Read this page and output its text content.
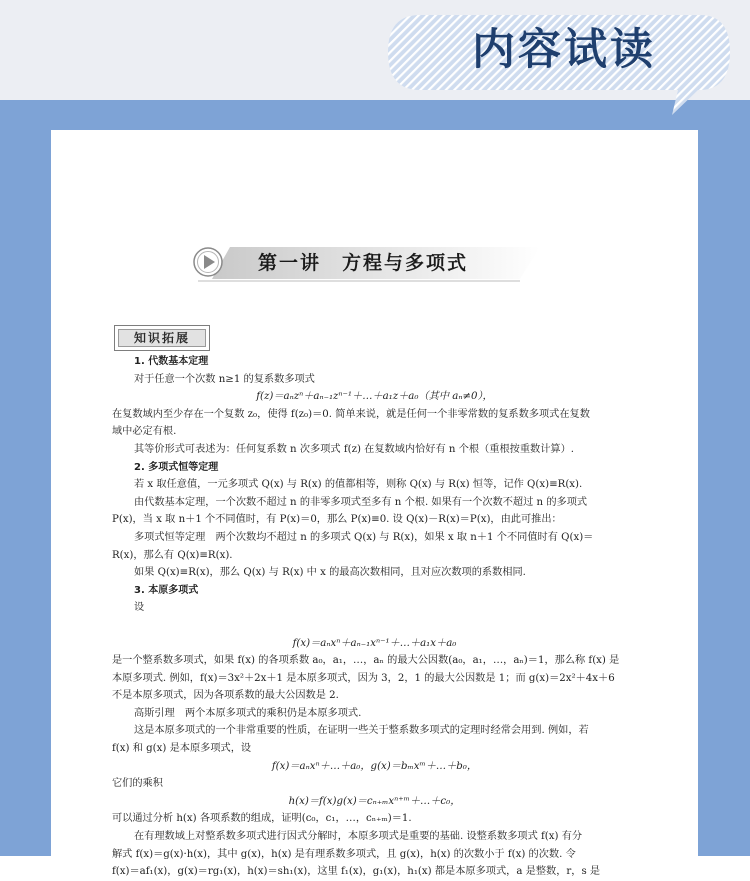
内容试读
第一讲　方程与多项式
知识拓展

1. 代数基本定理

对于任意一个次数 n≥1 的复系数多项式

f(z)＝aₙzⁿ＋aₙ₋₁zⁿ⁻¹＋…＋a₁z＋a₀（其中 aₙ≠0），

在复数域内至少存在一个复数 z₀，使得 f(z₀)＝0. 简单来说，就是任何一个非零常数的复系数多项式在复数

域中必定有根.

其等价形式可表述为：任何复系数 n 次多项式 f(z) 在复数域内恰好有 n 个根（重根按重数计算）.

2. 多项式恒等定理

若 x 取任意值，一元多项式 Q(x) 与 R(x) 的值都相等，则称 Q(x) 与 R(x) 恒等，记作 Q(x)≡R(x).

由代数基本定理，一个次数不超过 n 的非零多项式至多有 n 个根. 如果有一个次数不超过 n 的多项式

P(x)，当 x 取 n＋1 个不同值时，有 P(x)＝0，那么 P(x)≡0. 设 Q(x)－R(x)＝P(x)，由此可推出：

多项式恒等定理　两个次数均不超过 n 的多项式 Q(x) 与 R(x)，如果 x 取 n＋1 个不同值时有 Q(x)＝

R(x)，那么有 Q(x)≡R(x).

如果 Q(x)≡R(x)，那么 Q(x) 与 R(x) 中 x 的最高次数相同，且对应次数项的系数相同.

3. 本原多项式

设

f(x)＝aₙxⁿ＋aₙ₋₁xⁿ⁻¹＋…＋a₁x＋a₀

是一个整系数多项式，如果 f(x) 的各项系数 a₀，a₁，…，aₙ 的最大公因数(a₀，a₁，…，aₙ)＝1，那么称 f(x) 是

本原多项式. 例如，f(x)＝3x²＋2x＋1 是本原多项式，因为 3，2，1 的最大公因数是 1；而 g(x)＝2x²＋4x＋6

不是本原多项式，因为各项系数的最大公因数是 2.

高斯引理　两个本原多项式的乘积仍是本原多项式.

这是本原多项式的一个非常重要的性质，在证明一些关于整系数多项式的定理时经常会用到. 例如，若

f(x) 和 g(x) 是本原多项式，设

f(x)＝aₙxⁿ＋…＋a₀，g(x)＝bₘxᵐ＋…＋b₀，

它们的乘积

h(x)＝f(x)g(x)＝cₙ₊ₘxⁿ⁺ᵐ＋…＋c₀，

可以通过分析 h(x) 各项系数的组成，证明(c₀，c₁，…，cₙ₊ₘ)＝1.

在有理数域上对整系数多项式进行因式分解时，本原多项式是重要的基础. 设整系数多项式 f(x) 有分

解式 f(x)＝g(x)·h(x)，其中 g(x)，h(x) 是有理系数多项式，且 g(x)，h(x) 的次数小于 f(x) 的次数. 令

f(x)＝af₁(x)，g(x)＝rg₁(x)，h(x)＝sh₁(x)，这里 f₁(x)，g₁(x)，h₁(x) 都是本原多项式，a 是整数，r，s 是
